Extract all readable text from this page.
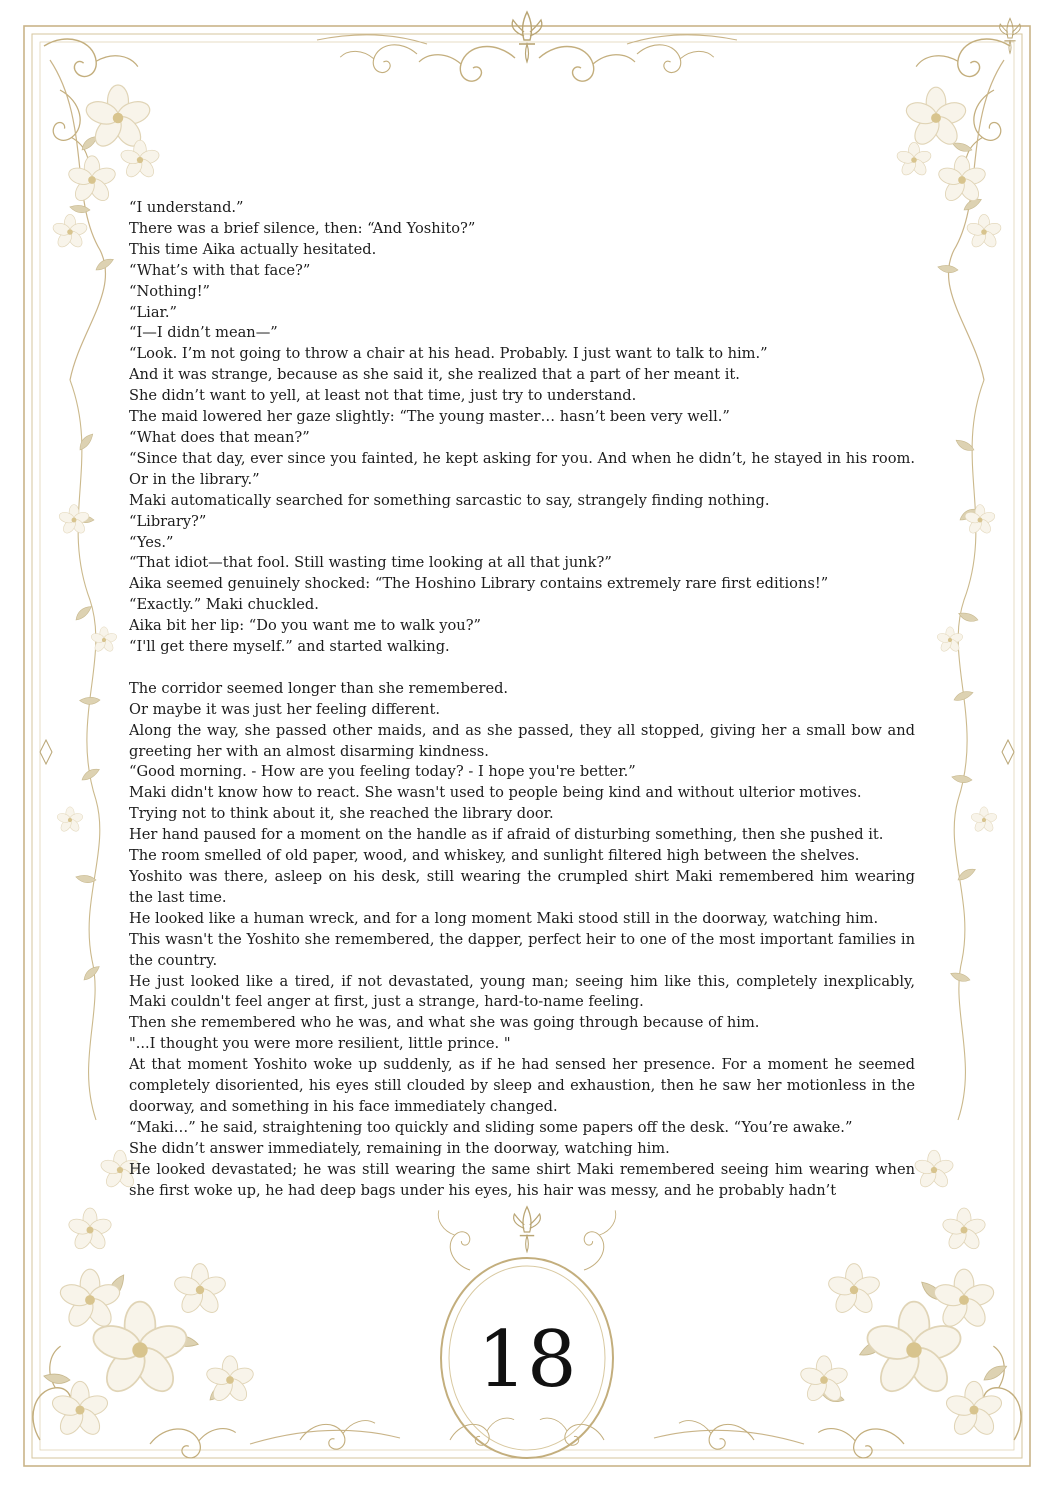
“I understand.”

There was a brief silence, then: “And Yoshito?”

This time Aika actually hesitated.

“What’s with that face?”

“Nothing!”

“Liar.”

“I—I didn’t mean—”

“Look. I’m not going to throw a chair at his head. Probably. I just want to talk to him.”

And it was strange, because as she said it, she realized that a part of her meant it.

She didn’t want to yell, at least not that time, just try to understand.

The maid lowered her gaze slightly: “The young master… hasn’t been very well.”

“What does that mean?”

“Since that day, ever since you fainted, he kept asking for you. And when he didn’t, he stayed in his room. Or in the library.”

Maki automatically searched for something sarcastic to say, strangely finding nothing.

“Library?”

“Yes.”

“That idiot—that fool. Still wasting time looking at all that junk?”

Aika seemed genuinely shocked: “The Hoshino Library contains extremely rare first editions!”

“Exactly.” Maki chuckled.

Aika bit her lip: “Do you want me to walk you?”

“I'll get there myself.” and started walking.

The corridor seemed longer than she remembered.

Or maybe it was just her feeling different.

Along the way, she passed other maids, and as she passed, they all stopped, giving her a small bow and greeting her with an almost disarming kindness.

“Good morning. - How are you feeling today? - I hope you're better.”

Maki didn't know how to react. She wasn't used to people being kind and without ulterior motives.

Trying not to think about it, she reached the library door.

Her hand paused for a moment on the handle as if afraid of disturbing something, then she pushed it.

The room smelled of old paper, wood, and whiskey, and sunlight filtered high between the shelves.

Yoshito was there, asleep on his desk, still wearing the crumpled shirt Maki remembered him wearing the last time.

He looked like a human wreck, and for a long moment Maki stood still in the doorway, watching him.

This wasn't the Yoshito she remembered, the dapper, perfect heir to one of the most important families in the country.

He just looked like a tired, if not devastated, young man; seeing him like this, completely inexplicably, Maki couldn't feel anger at first, just a strange, hard-to-name feeling.

Then she remembered who he was, and what she was going through because of him.

"...I thought you were more resilient, little prince. "

At that moment Yoshito woke up suddenly, as if he had sensed her presence. For a moment he seemed completely disoriented, his eyes still clouded by sleep and exhaustion, then he saw her motionless in the doorway, and something in his face immediately changed.

“Maki…” he said, straightening too quickly and sliding some papers off the desk. “You’re awake.”

She didn’t answer immediately, remaining in the doorway, watching him.

He looked devastated; he was still wearing the same shirt Maki remembered seeing him wearing when she first woke up, he had deep bags under his eyes, his hair was messy, and he probably hadn’t

18
